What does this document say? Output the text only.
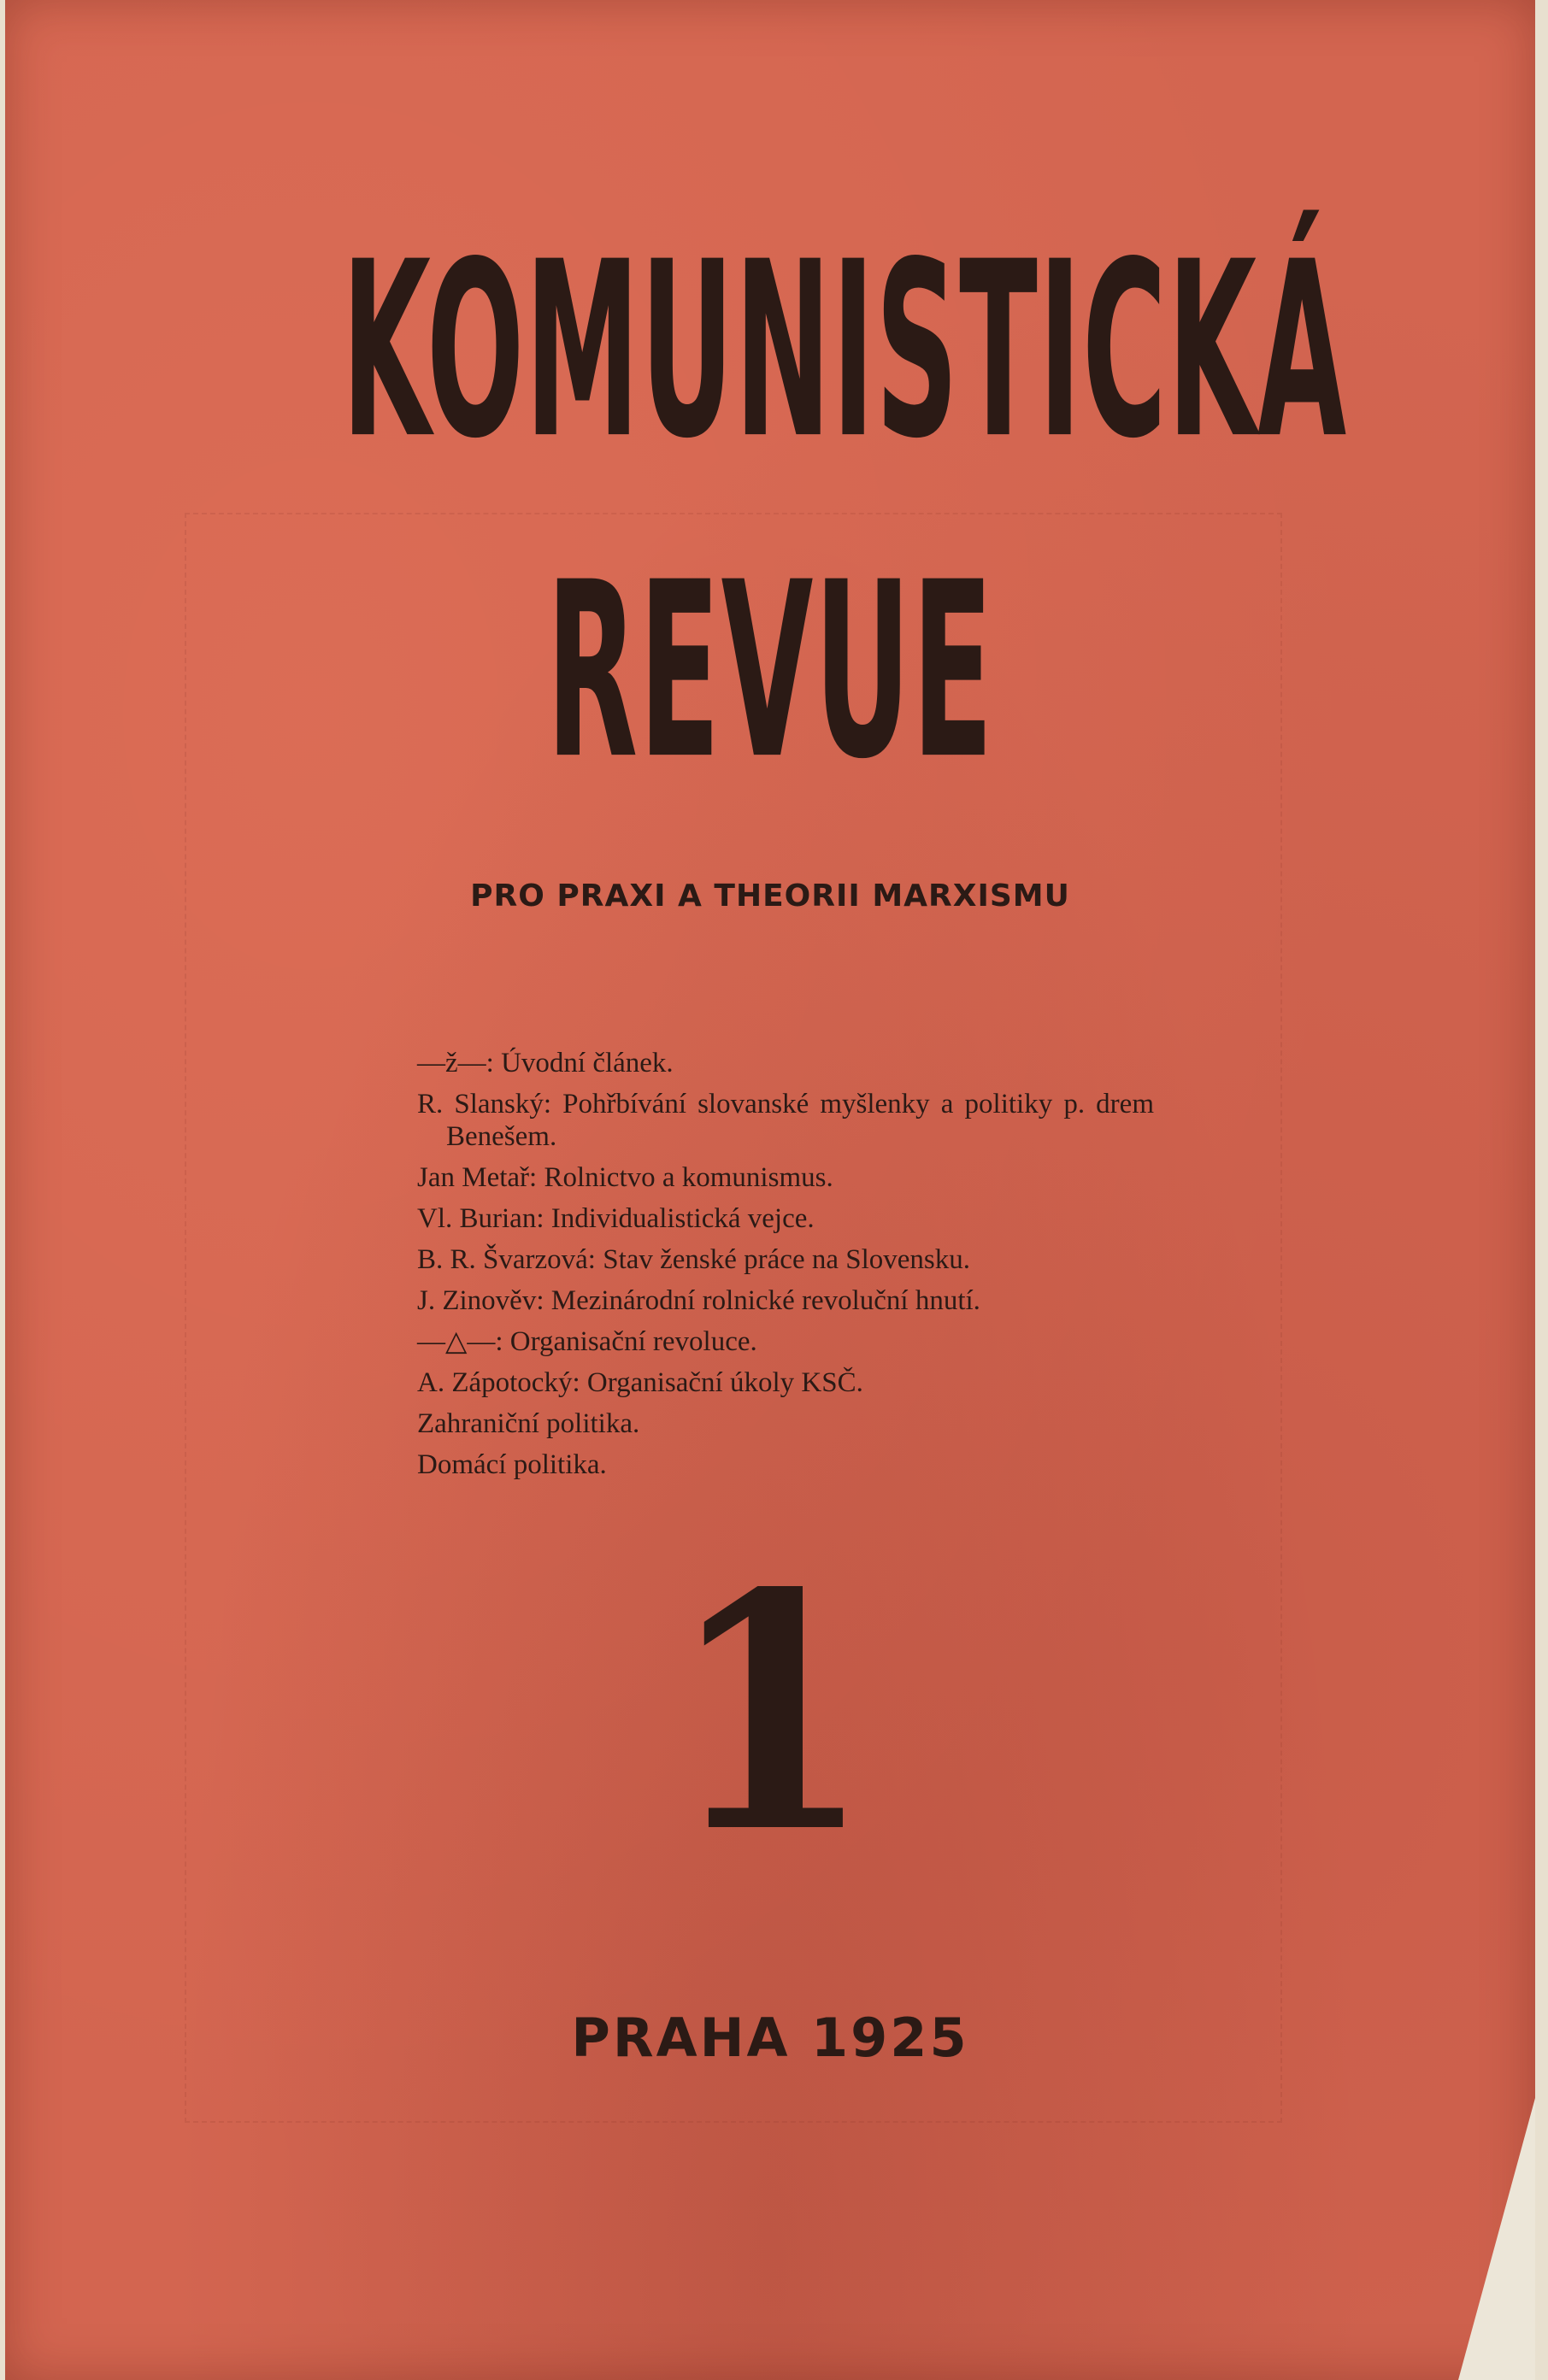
KOMUNISTICKÁ
REVUE
PRO PRAXI A THEORII MARXISMU
—ž—: Úvodní článek.
R. Slanský: Pohřbívání slovanské myšlenky a politiky p. drem Benešem.
Jan Metař: Rolnictvo a komunismus.
Vl. Burian: Individualistická vejce.
B. R. Švarzová: Stav ženské práce na Slovensku.
J. Zinověv: Mezinárodní rolnické revoluční hnutí.
—△—: Organisační revoluce.
A. Zápotocký: Organisační úkoly KSČ.
Zahraniční politika.
Domácí politika.
1
PRAHA 1925
